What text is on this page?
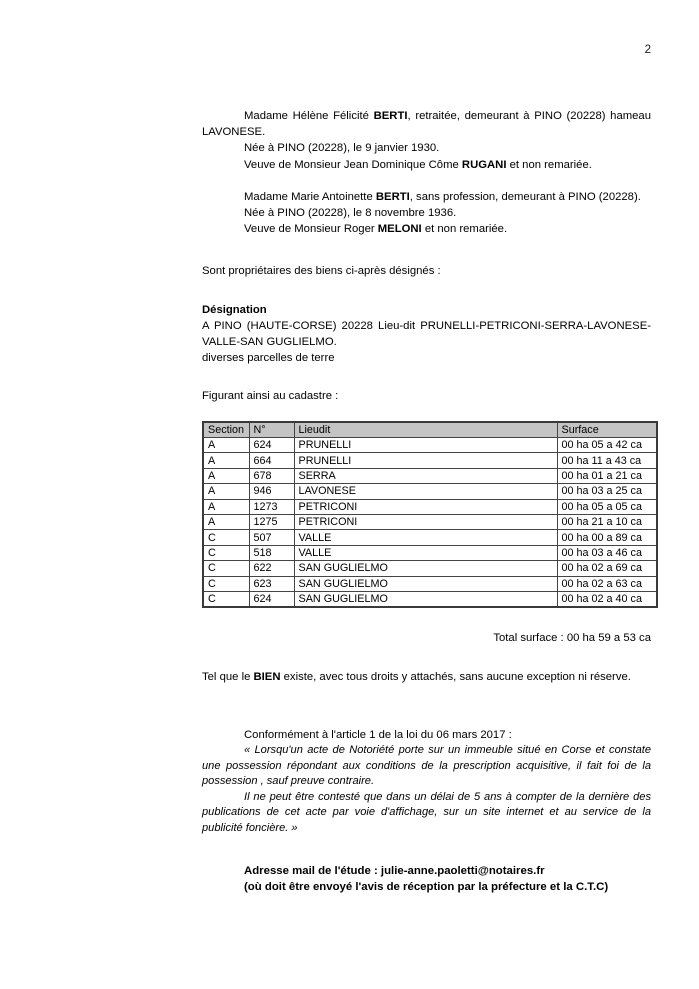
2

Madame Hélène Félicité BERTI, retraitée, demeurant à PINO (20228) hameau LAVONESE.

Née à PINO (20228), le 9 janvier 1930.

Veuve de Monsieur Jean Dominique Côme RUGANI et non remariée.

Madame Marie Antoinette BERTI, sans profession, demeurant à PINO (20228).

Née à PINO (20228), le 8 novembre 1936.

Veuve de Monsieur Roger MELONI et non remariée.

Sont propriétaires des biens ci-après désignés :

Désignation

A PINO (HAUTE-CORSE) 20228 Lieu-dit PRUNELLI-PETRICONI-SERRA-LAVONESE-VALLE-SAN GUGLIELMO.

diverses parcelles de terre

Figurant ainsi au cadastre :

Section	N°	Lieudit	Surface
A	624	PRUNELLI	00 ha 05 a 42 ca
A	664	PRUNELLI	00 ha 11 a 43 ca
A	678	SERRA	00 ha 01 a 21 ca
A	946	LAVONESE	00 ha 03 a 25 ca
A	1273	PETRICONI	00 ha 05 a 05 ca
A	1275	PETRICONI	00 ha 21 a 10 ca
C	507	VALLE	00 ha 00 a 89 ca
C	518	VALLE	00 ha 03 a 46 ca
C	622	SAN GUGLIELMO	00 ha 02 a 69 ca
C	623	SAN GUGLIELMO	00 ha 02 a 63 ca
C	624	SAN GUGLIELMO	00 ha 02 a 40 ca

Total surface : 00 ha 59 a 53 ca

Tel que le BIEN existe, avec tous droits y attachés, sans aucune exception ni réserve.

Conformément à l'article 1 de la loi du 06 mars 2017 :

« Lorsqu'un acte de Notoriété porte sur un immeuble situé en Corse et constate une possession répondant aux conditions de la prescription acquisitive, il fait foi de la possession , sauf preuve contraire.

Il ne peut être contesté que dans un délai de 5 ans à compter de la dernière des publications de cet acte par voie d'affichage, sur un site internet et au service de la publicité foncière. »

Adresse mail de l'étude : julie-anne.paoletti@notaires.fr

(où doit être envoyé l'avis de réception par la préfecture et la C.T.C)
